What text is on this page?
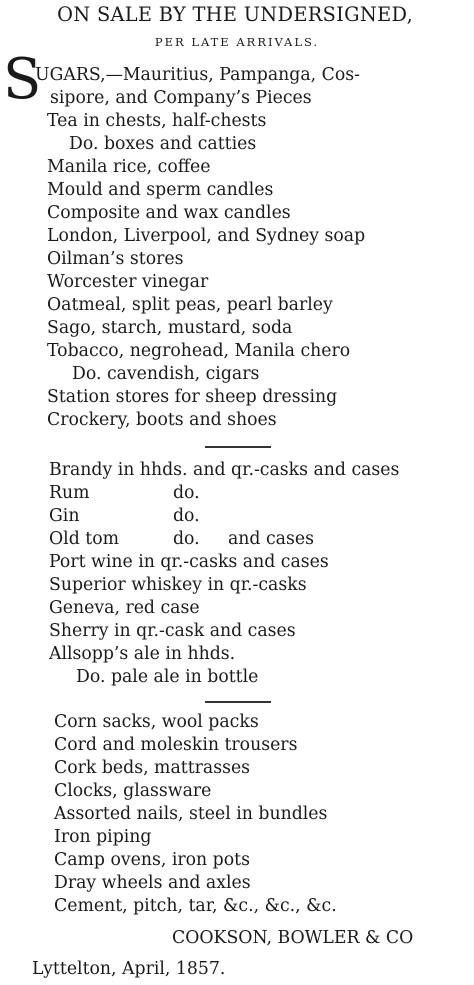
ON SALE BY THE UNDERSIGNED,
PER LATE ARRIVALS.
S
UGARS,—Mauritius, Pampanga, Cos-
sipore, and Company’s Pieces
Tea in chests, half-chests
Do. boxes and catties
Manila rice, coffee
Mould and sperm candles
Composite and wax candles
London, Liverpool, and Sydney soap
Oilman’s stores
Worcester vinegar
Oatmeal, split peas, pearl barley
Sago, starch, mustard, soda
Tobacco, negrohead, Manila chero
Do. cavendish, cigars
Station stores for sheep dressing
Crockery, boots and shoes
Brandy in hhds. and qr.-casks and cases
Rum	do.
Gin	do.
Old tom	do. and cases
Port wine in qr.-casks and cases
Superior whiskey in qr.-casks
Geneva, red case
Sherry in qr.-cask and cases
Allsopp’s ale in hhds.
Do. pale ale in bottle
Corn sacks, wool packs
Cord and moleskin trousers
Cork beds, mattrasses
Clocks, glassware
Assorted nails, steel in bundles
Iron piping
Camp ovens, iron pots
Dray wheels and axles
Cement, pitch, tar, &c., &c., &c.
COOKSON, BOWLER & CO
Lyttelton, April, 1857.
